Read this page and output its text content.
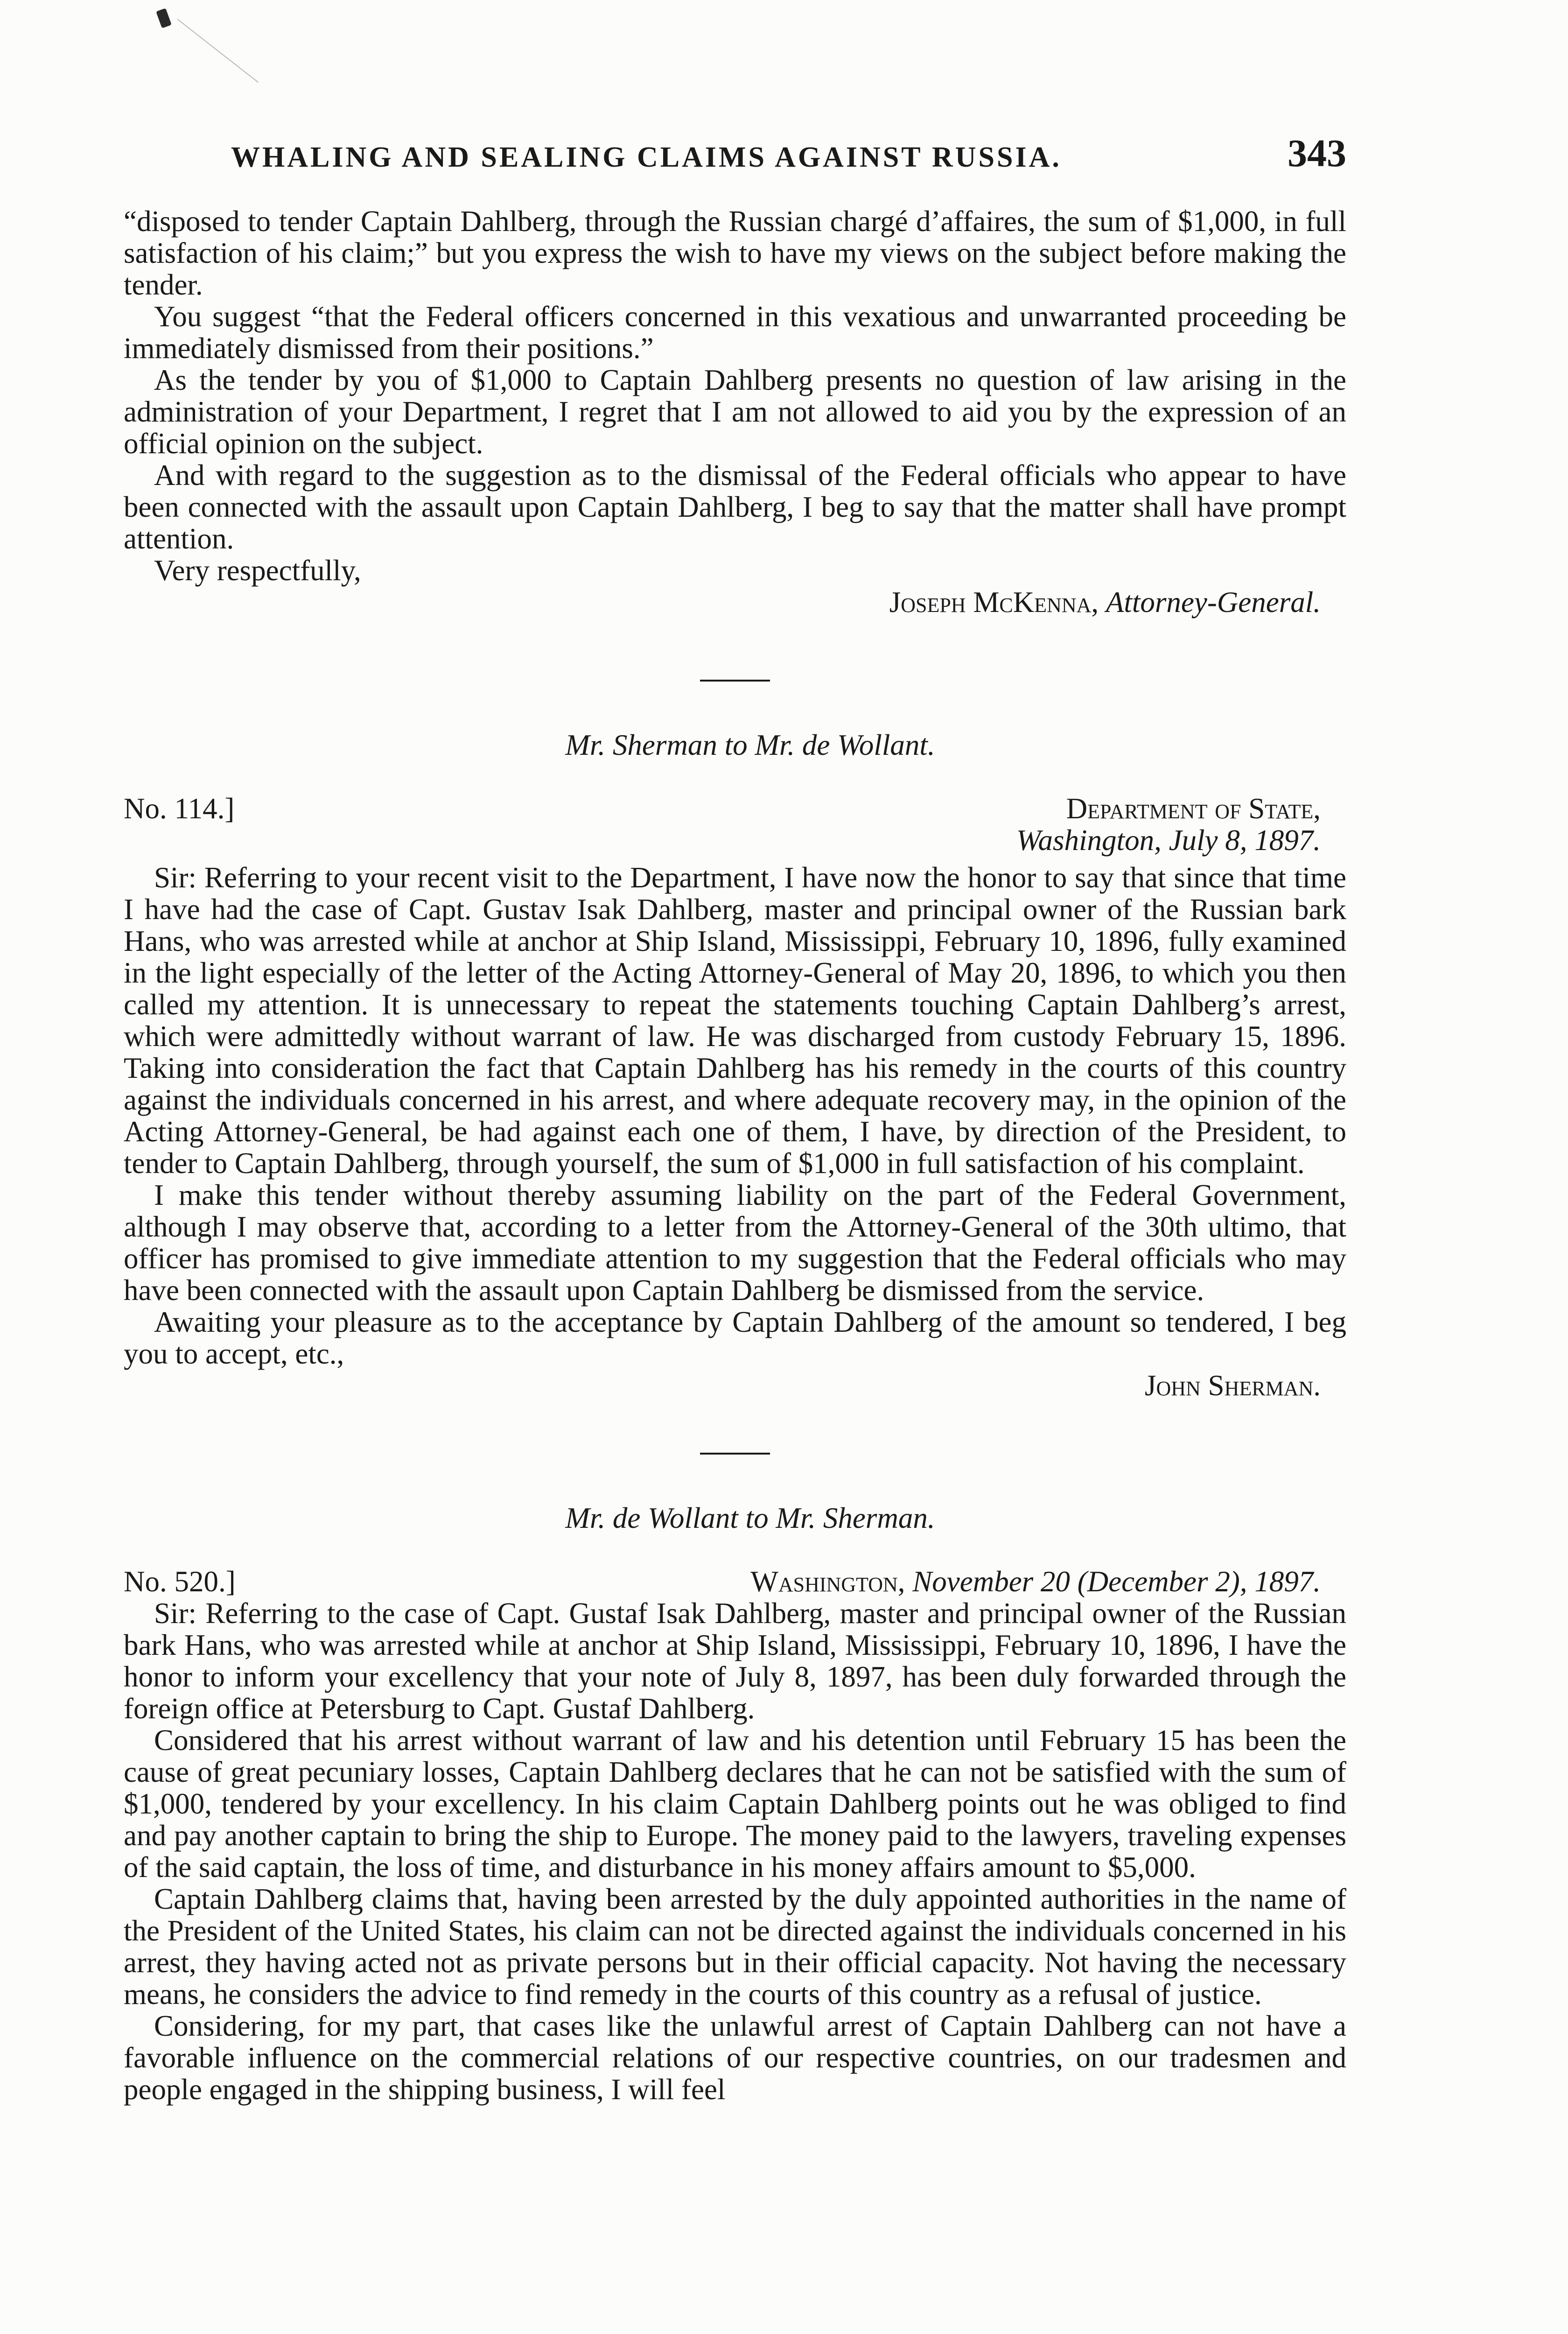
WHALING AND SEALING CLAIMS AGAINST RUSSIA.	343

“disposed to tender Captain Dahlberg, through the Russian chargé d’affaires, the sum of $1,000, in full satisfaction of his claim;” but you express the wish to have my views on the subject before making the tender.

You suggest “that the Federal officers concerned in this vexatious and unwarranted proceeding be immediately dismissed from their positions.”

As the tender by you of $1,000 to Captain Dahlberg presents no question of law arising in the administration of your Department, I regret that I am not allowed to aid you by the expression of an official opinion on the subject.

And with regard to the suggestion as to the dismissal of the Federal officials who appear to have been connected with the assault upon Captain Dahlberg, I beg to say that the matter shall have prompt attention.

Very respectfully,

Joseph McKenna, Attorney-General.

Mr. Sherman to Mr. de Wollant.

No. 114.]	Department of State,

Washington, July 8, 1897.

Sir: Referring to your recent visit to the Department, I have now the honor to say that since that time I have had the case of Capt. Gustav Isak Dahlberg, master and principal owner of the Russian bark Hans, who was arrested while at anchor at Ship Island, Mississippi, February 10, 1896, fully examined in the light especially of the letter of the Acting Attorney-General of May 20, 1896, to which you then called my attention. It is unnecessary to repeat the statements touching Captain Dahlberg’s arrest, which were admittedly without warrant of law. He was discharged from custody February 15, 1896. Taking into consideration the fact that Captain Dahlberg has his remedy in the courts of this country against the individuals concerned in his arrest, and where adequate recovery may, in the opinion of the Acting Attorney-General, be had against each one of them, I have, by direction of the President, to tender to Captain Dahlberg, through yourself, the sum of $1,000 in full satisfaction of his complaint.

I make this tender without thereby assuming liability on the part of the Federal Government, although I may observe that, according to a letter from the Attorney-General of the 30th ultimo, that officer has promised to give immediate attention to my suggestion that the Federal officials who may have been connected with the assault upon Captain Dahlberg be dismissed from the service.

Awaiting your pleasure as to the acceptance by Captain Dahlberg of the amount so tendered, I beg you to accept, etc.,

John Sherman.

Mr. de Wollant to Mr. Sherman.

No. 520.]	Washington, November 20 (December 2), 1897.

Sir: Referring to the case of Capt. Gustaf Isak Dahlberg, master and principal owner of the Russian bark Hans, who was arrested while at anchor at Ship Island, Mississippi, February 10, 1896, I have the honor to inform your excellency that your note of July 8, 1897, has been duly forwarded through the foreign office at Petersburg to Capt. Gustaf Dahlberg.

Considered that his arrest without warrant of law and his detention until February 15 has been the cause of great pecuniary losses, Captain Dahlberg declares that he can not be satisfied with the sum of $1,000, tendered by your excellency. In his claim Captain Dahlberg points out he was obliged to find and pay another captain to bring the ship to Europe. The money paid to the lawyers, traveling expenses of the said captain, the loss of time, and disturbance in his money affairs amount to $5,000.

Captain Dahlberg claims that, having been arrested by the duly appointed authorities in the name of the President of the United States, his claim can not be directed against the individuals concerned in his arrest, they having acted not as private persons but in their official capacity. Not having the necessary means, he considers the advice to find remedy in the courts of this country as a refusal of justice.

Considering, for my part, that cases like the unlawful arrest of Captain Dahlberg can not have a favorable influence on the commercial relations of our respective countries, on our tradesmen and people engaged in the shipping business, I will feel
